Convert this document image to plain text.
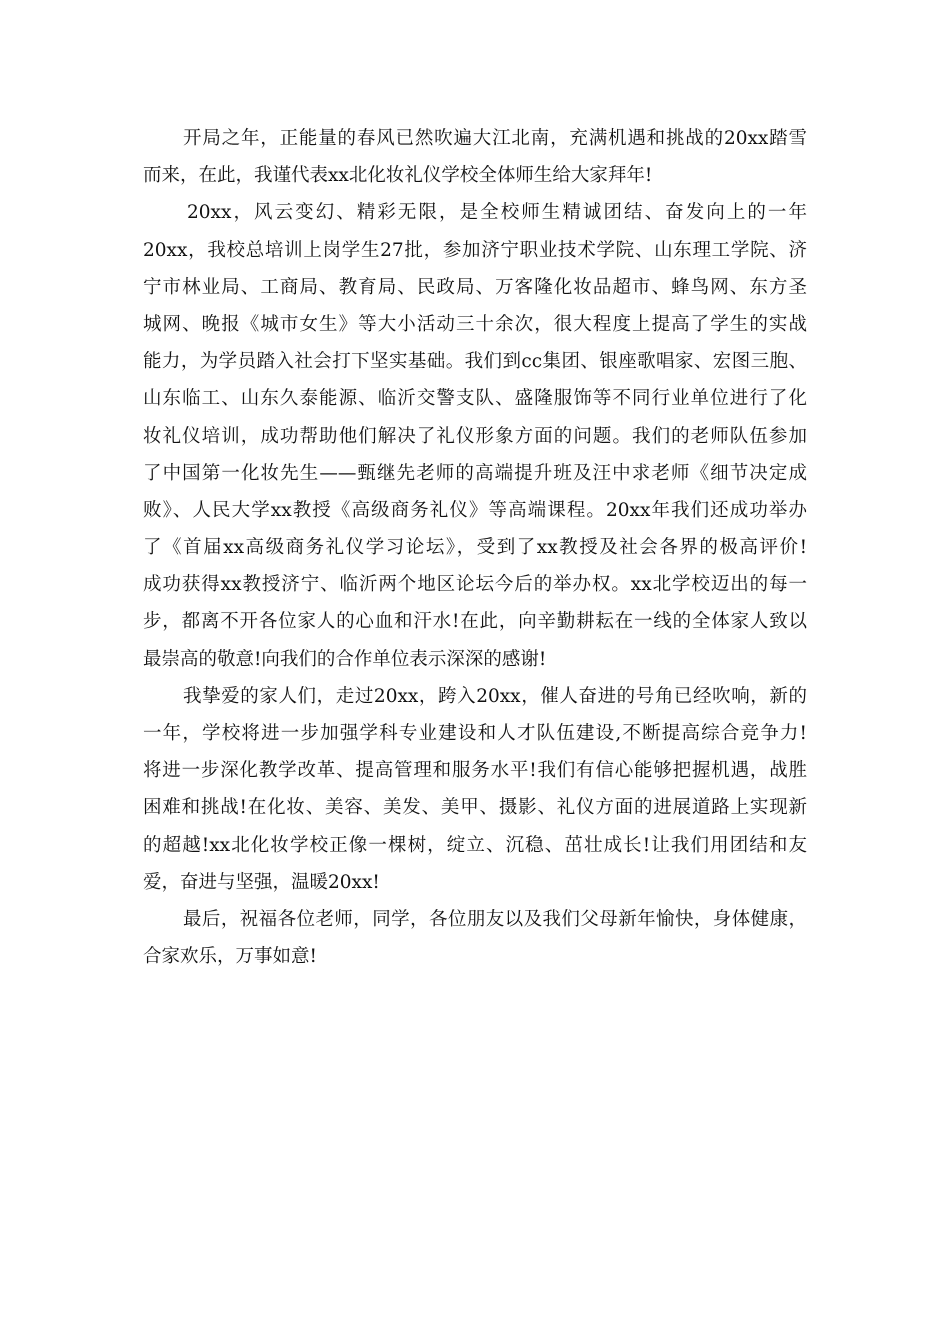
开局之年，正能量的春风已然吹遍大江北南，充满机遇和挑战的20xx踏雪
而来，在此，我谨代表xx北化妆礼仪学校全体师生给大家拜年!
20xx，风云变幻、精彩无限，是全校师生精诚团结、奋发向上的一年
20xx，我校总培训上岗学生27批，参加济宁职业技术学院、山东理工学院、济
宁市林业局、工商局、教育局、民政局、万客隆化妆品超市、蜂鸟网、东方圣
城网、晚报《城市女生》等大小活动三十余次，很大程度上提高了学生的实战
能力，为学员踏入社会打下坚实基础。我们到cc集团、银座歌唱家、宏图三胞、
山东临工、山东久泰能源、临沂交警支队、盛隆服饰等不同行业单位进行了化
妆礼仪培训，成功帮助他们解决了礼仪形象方面的问题。我们的老师队伍参加
了中国第一化妆先生——甄继先老师的高端提升班及汪中求老师《细节决定成
败》、人民大学xx教授《高级商务礼仪》等高端课程。20xx年我们还成功举办
了《首届xx高级商务礼仪学习论坛》，受到了xx教授及社会各界的极高评价!
成功获得xx教授济宁、临沂两个地区论坛今后的举办权。xx北学校迈出的每一
步，都离不开各位家人的心血和汗水!在此，向辛勤耕耘在一线的全体家人致以
最崇高的敬意!向我们的合作单位表示深深的感谢!
我挚爱的家人们，走过20xx，跨入20xx，催人奋进的号角已经吹响，新的
一年，学校将进一步加强学科专业建设和人才队伍建设,不断提高综合竞争力!
将进一步深化教学改革、提高管理和服务水平!我们有信心能够把握机遇，战胜
困难和挑战!在化妆、美容、美发、美甲、摄影、礼仪方面的进展道路上实现新
的超越!xx北化妆学校正像一棵树，绽立、沉稳、茁壮成长!让我们用团结和友
爱，奋进与坚强，温暖20xx!
最后，祝福各位老师，同学，各位朋友以及我们父母新年愉快，身体健康，
合家欢乐，万事如意!
